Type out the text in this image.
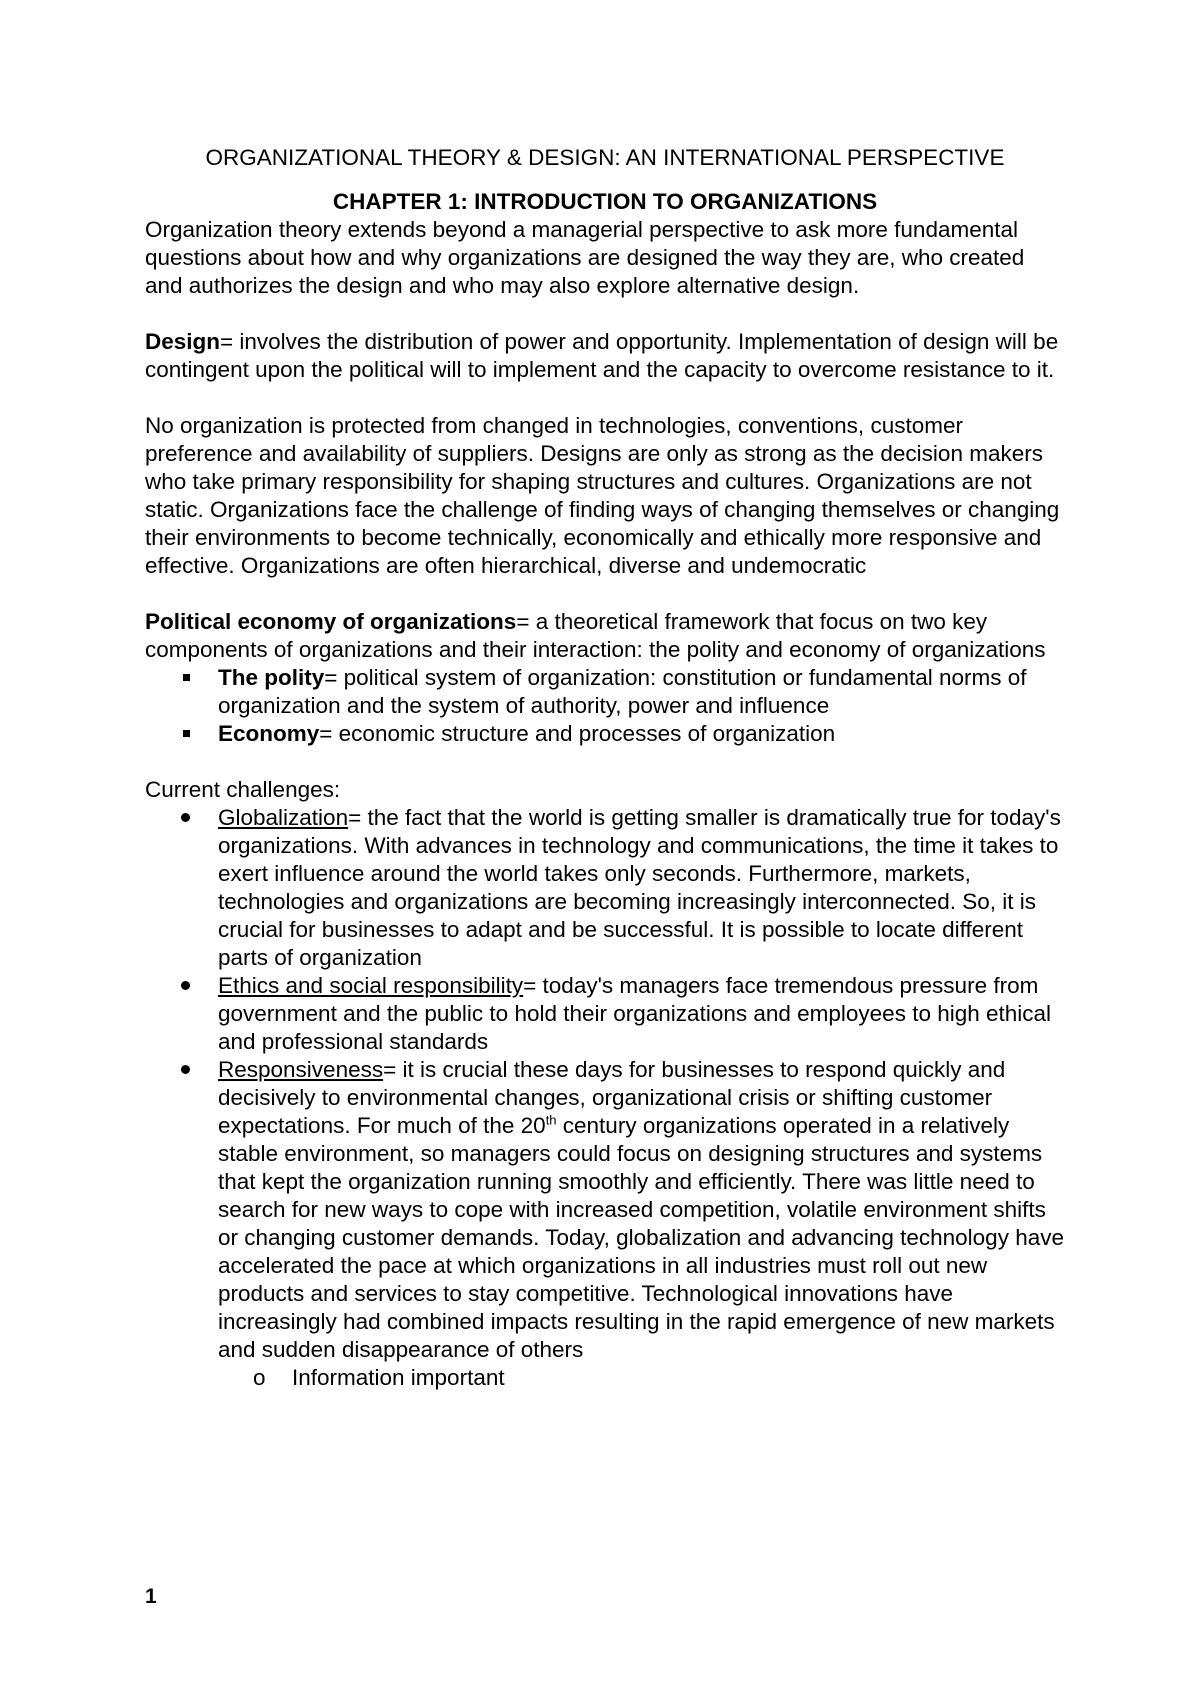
ORGANIZATIONAL THEORY & DESIGN: AN INTERNATIONAL PERSPECTIVE

CHAPTER 1: INTRODUCTION TO ORGANIZATIONS

Organization theory extends beyond a managerial perspective to ask more fundamental questions about how and why organizations are designed the way they are, who created and authorizes the design and who may also explore alternative design.

Design= involves the distribution of power and opportunity. Implementation of design will be contingent upon the political will to implement and the capacity to overcome resistance to it.

No organization is protected from changed in technologies, conventions, customer preference and availability of suppliers. Designs are only as strong as the decision makers who take primary responsibility for shaping structures and cultures. Organizations are not static. Organizations face the challenge of finding ways of changing themselves or changing their environments to become technically, economically and ethically more responsive and effective. Organizations are often hierarchical, diverse and undemocratic

Political economy of organizations= a theoretical framework that focus on two key components of organizations and their interaction: the polity and economy of organizations

The polity= political system of organization: constitution or fundamental norms of organization and the system of authority, power and influence
Economy= economic structure and processes of organization

Current challenges:

Globalization= the fact that the world is getting smaller is dramatically true for today's organizations. With advances in technology and communications, the time it takes to exert influence around the world takes only seconds. Furthermore, markets, technologies and organizations are becoming increasingly interconnected. So, it is crucial for businesses to adapt and be successful. It is possible to locate different parts of organization
Ethics and social responsibility= today's managers face tremendous pressure from government and the public to hold their organizations and employees to high ethical and professional standards
Responsiveness= it is crucial these days for businesses to respond quickly and decisively to environmental changes, organizational crisis or shifting customer expectations. For much of the 20th century organizations operated in a relatively stable environment, so managers could focus on designing structures and systems that kept the organization running smoothly and efficiently. There was little need to search for new ways to cope with increased competition, volatile environment shifts or changing customer demands. Today, globalization and advancing technology have accelerated the pace at which organizations in all industries must roll out new products and services to stay competitive. Technological innovations have increasingly had combined impacts resulting in the rapid emergence of new markets and sudden disappearance of others
o Information important
1
